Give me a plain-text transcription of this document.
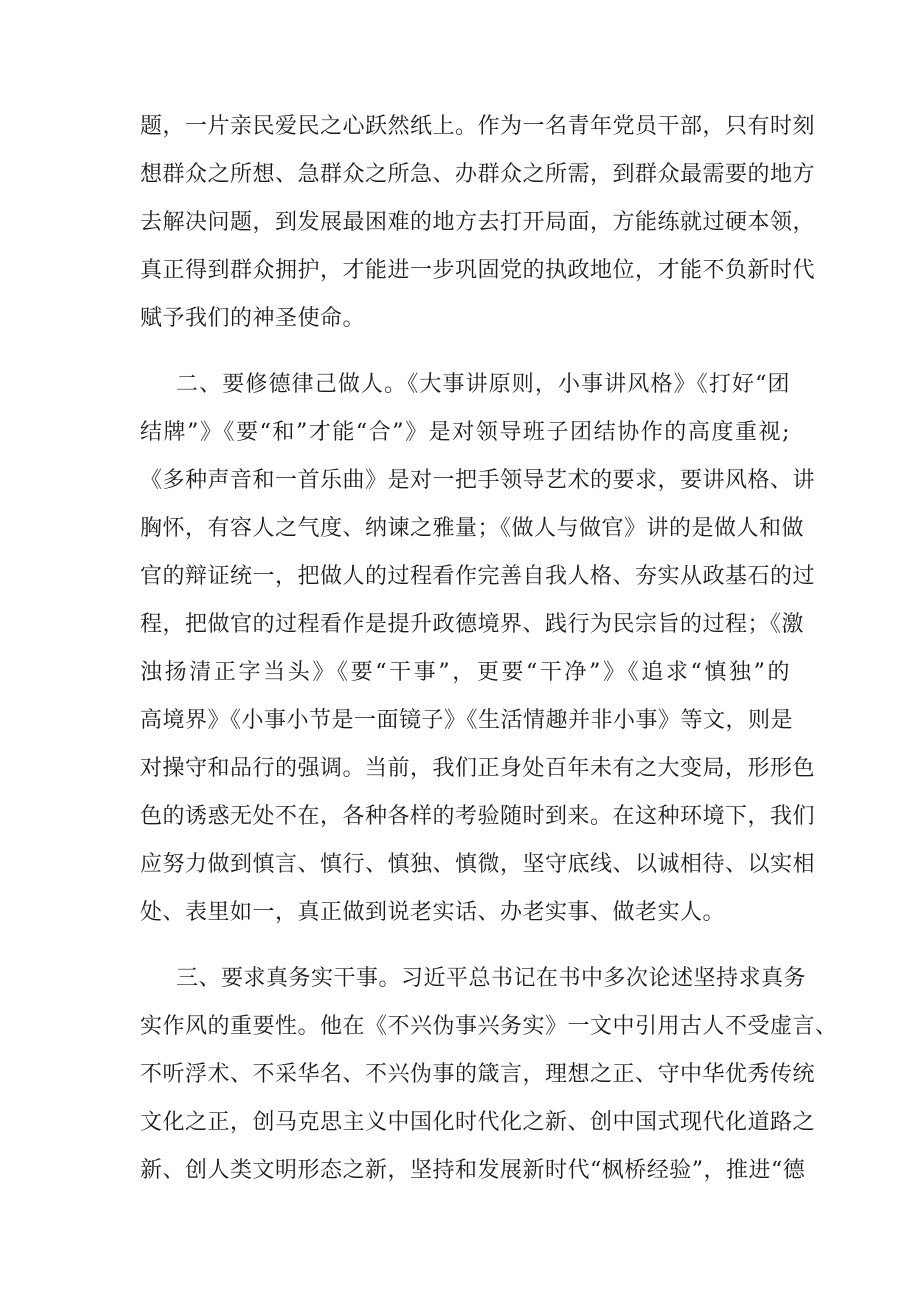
题，一片亲民爱民之心跃然纸上。作为一名青年党员干部，只有时刻

想群众之所想、急群众之所急、办群众之所需，到群众最需要的地方

去解决问题，到发展最困难的地方去打开局面，方能练就过硬本领，

真正得到群众拥护，才能进一步巩固党的执政地位，才能不负新时代

赋予我们的神圣使命。

二、要修德律己做人。《大事讲原则，小事讲风格》《打好“团

结牌”》《要“和”才能“合”》是对领导班子团结协作的高度重视;

《多种声音和一首乐曲》是对一把手领导艺术的要求，要讲风格、讲

胸怀，有容人之气度、纳谏之雅量；《做人与做官》讲的是做人和做

官的辩证统一，把做人的过程看作完善自我人格、夯实从政基石的过

程，把做官的过程看作是提升政德境界、践行为民宗旨的过程；《激

浊扬清正字当头》《要“干事”，更要“干净”》《追求“慎独”的

高境界》《小事小节是一面镜子》《生活情趣并非小事》等文，则是

对操守和品行的强调。当前，我们正身处百年未有之大变局，形形色

色的诱惑无处不在，各种各样的考验随时到来。在这种环境下，我们

应努力做到慎言、慎行、慎独、慎微，坚守底线、以诚相待、以实相

处、表里如一，真正做到说老实话、办老实事、做老实人。

三、要求真务实干事。习近平总书记在书中多次论述坚持求真务

实作风的重要性。他在《不兴伪事兴务实》一文中引用古人不受虚言、

不听浮术、不采华名、不兴伪事的箴言，理想之正、守中华优秀传统

文化之正，创马克思主义中国化时代化之新、创中国式现代化道路之

新、创人类文明形态之新，坚持和发展新时代“枫桥经验”，推进“德
